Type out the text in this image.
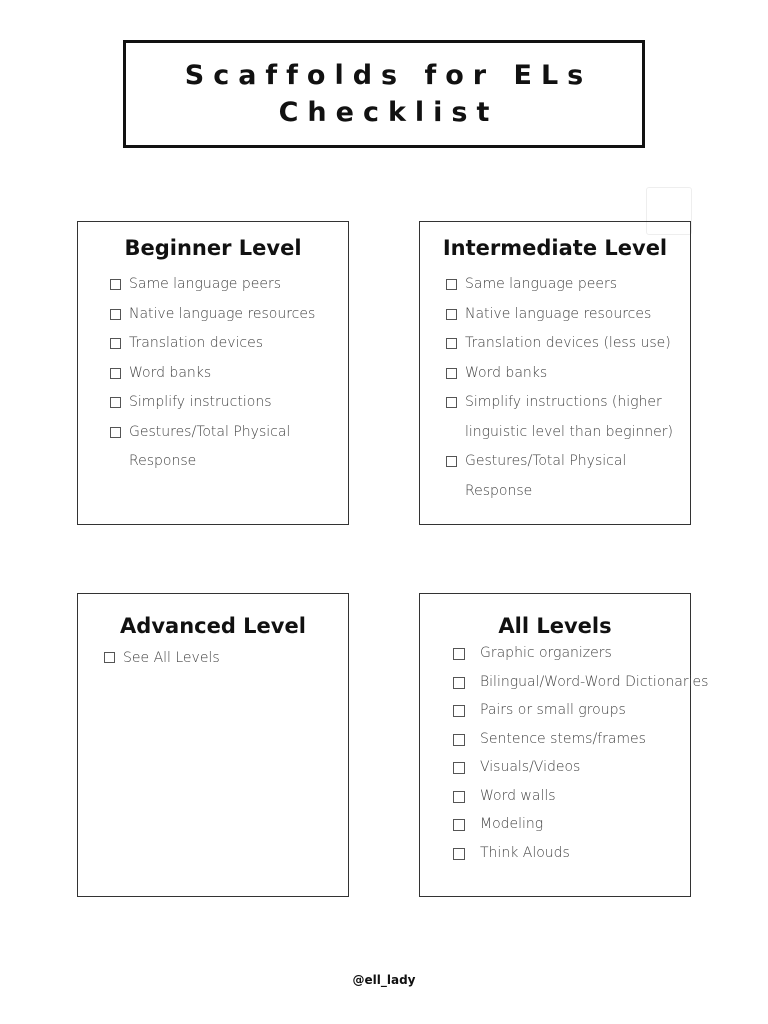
Scaffolds for ELs
Checklist
Beginner Level
Same language peers
Native language resources
Translation devices
Word banks
Simplify instructions
Gestures/Total Physical
Response
Intermediate Level
Same language peers
Native language resources
Translation devices (less use)
Word banks
Simplify instructions (higher
linguistic level than beginner)
Gestures/Total Physical
Response
Advanced Level
See All Levels
All Levels
Graphic organizers
Bilingual/Word-Word Dictionaries
Pairs or small groups
Sentence stems/frames
Visuals/Videos
Word walls
Modeling
Think Alouds
@ell_lady
